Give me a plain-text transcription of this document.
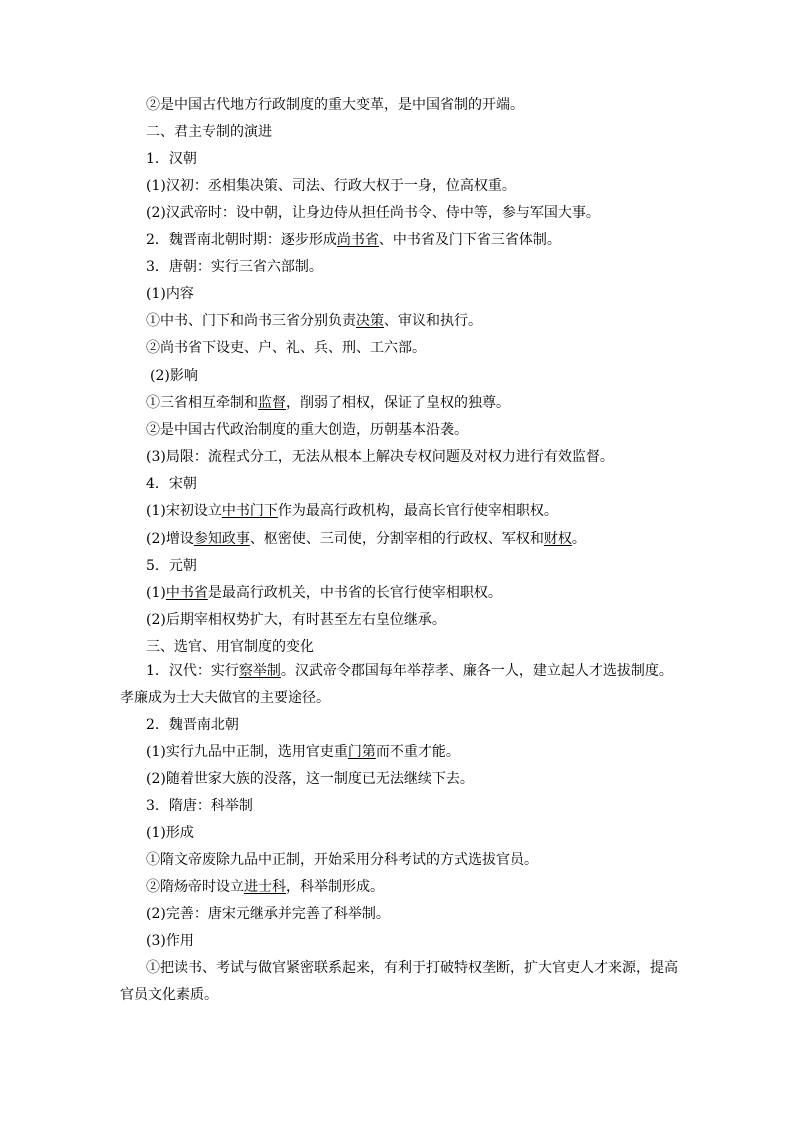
②是中国古代地方行政制度的重大变革，是中国省制的开端。
二、君主专制的演进
1．汉朝
(1)汉初：丞相集决策、司法、行政大权于一身，位高权重。
(2)汉武帝时：设中朝，让身边侍从担任尚书令、侍中等，参与军国大事。
2．魏晋南北朝时期：逐步形成尚书省、中书省及门下省三省体制。
3．唐朝：实行三省六部制。
(1)内容
①中书、门下和尚书三省分别负责决策、审议和执行。
②尚书省下设吏、户、礼、兵、刑、工六部。
(2)影响
①三省相互牵制和监督，削弱了相权，保证了皇权的独尊。
②是中国古代政治制度的重大创造，历朝基本沿袭。
(3)局限：流程式分工，无法从根本上解决专权问题及对权力进行有效监督。
4．宋朝
(1)宋初设立中书门下作为最高行政机构，最高长官行使宰相职权。
(2)增设参知政事、枢密使、三司使，分割宰相的行政权、军权和财权。
5．元朝
(1)中书省是最高行政机关，中书省的长官行使宰相职权。
(2)后期宰相权势扩大，有时甚至左右皇位继承。
三、选官、用官制度的变化
1．汉代：实行察举制。汉武帝令郡国每年举荐孝、廉各一人，建立起人才选拔制度。
孝廉成为士大夫做官的主要途径。
2．魏晋南北朝
(1)实行九品中正制，选用官吏重门第而不重才能。
(2)随着世家大族的没落，这一制度已无法继续下去。
3．隋唐：科举制
(1)形成
①隋文帝废除九品中正制，开始采用分科考试的方式选拔官员。
②隋炀帝时设立进士科，科举制形成。
(2)完善：唐宋元继承并完善了科举制。
(3)作用
①把读书、考试与做官紧密联系起来，有利于打破特权垄断，扩大官吏人才来源，提高
官员文化素质。
